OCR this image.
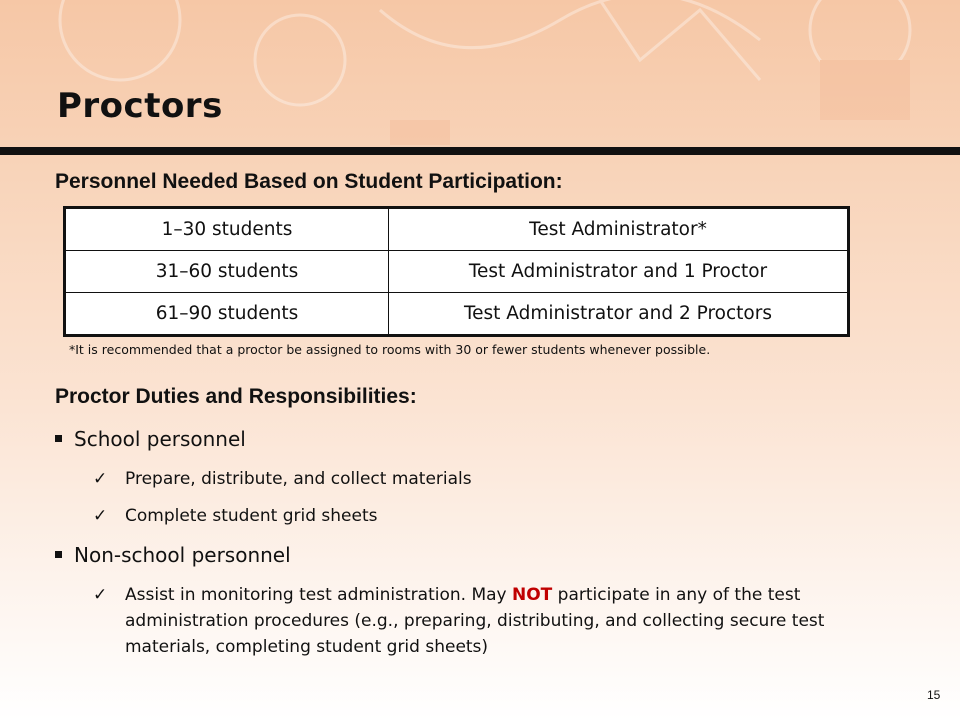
Proctors
Personnel Needed Based on Student Participation:
1–30 students	Test Administrator*
31–60 students	Test Administrator and 1 Proctor
61–90 students	Test Administrator and 2 Proctors

*It is recommended that a proctor be assigned to rooms with 30 or fewer students whenever possible.

Proctor Duties and Responsibilities:
School personnel
✓ Prepare, distribute, and collect materials
✓ Complete student grid sheets
Non-school personnel
✓ Assist in monitoring test administration. May NOT participate in any of the test administration procedures (e.g., preparing, distributing, and collecting secure test materials, completing student grid sheets)
15
